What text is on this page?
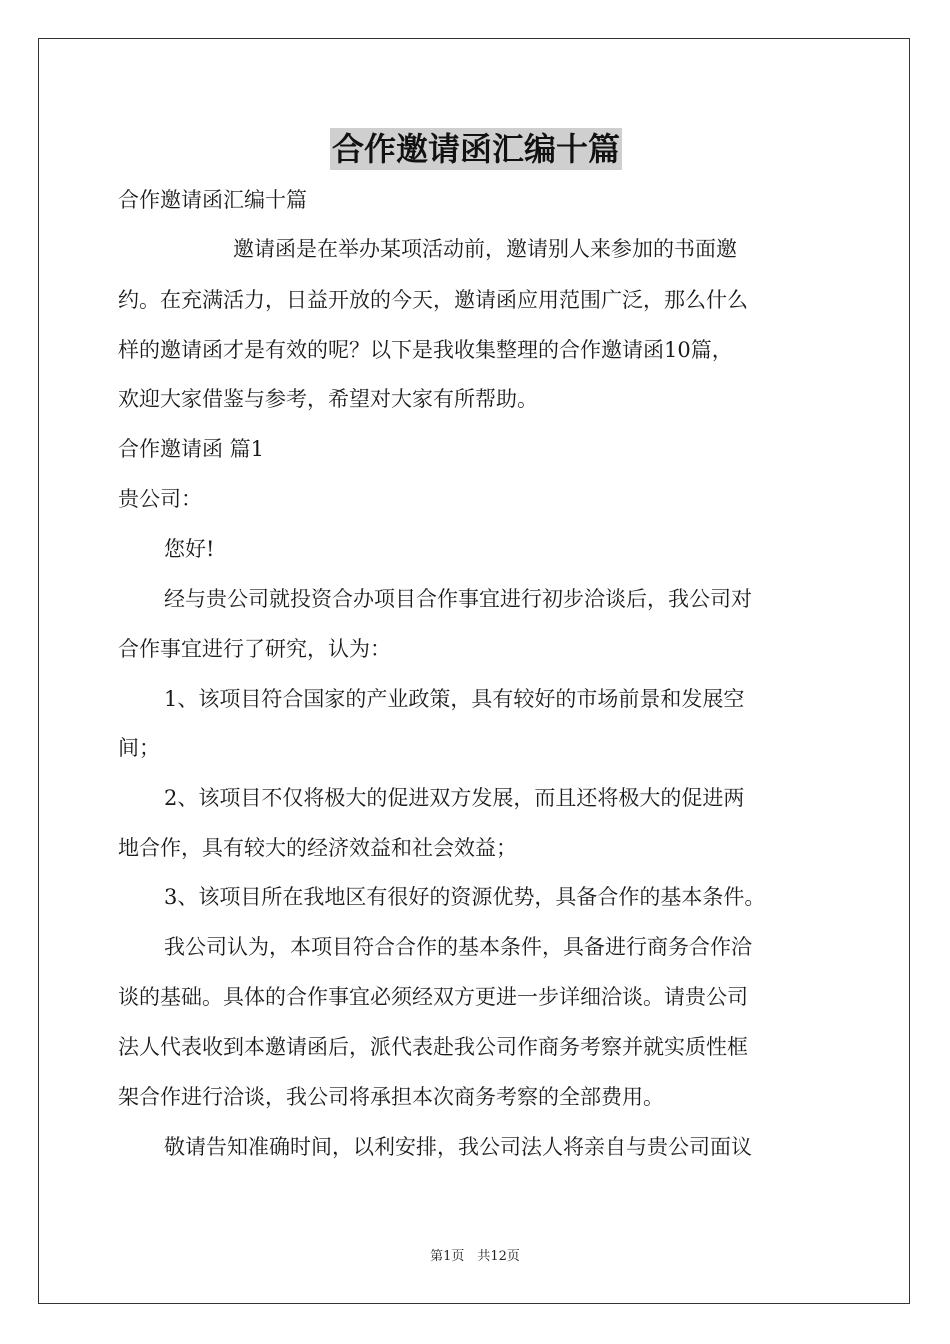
合作邀请函汇编十篇
合作邀请函汇编十篇
邀请函是在举办某项活动前，邀请别人来参加的书面邀
约。在充满活力，日益开放的今天，邀请函应用范围广泛，那么什么
样的邀请函才是有效的呢？以下是我收集整理的合作邀请函10篇，
欢迎大家借鉴与参考，希望对大家有所帮助。
合作邀请函 篇1
贵公司：
您好!
经与贵公司就投资合办项目合作事宜进行初步洽谈后，我公司对
合作事宜进行了研究，认为：
1、该项目符合国家的产业政策，具有较好的市场前景和发展空
间；
2、该项目不仅将极大的促进双方发展，而且还将极大的促进两
地合作，具有较大的经济效益和社会效益；
3、该项目所在我地区有很好的资源优势，具备合作的基本条件。
我公司认为，本项目符合合作的基本条件，具备进行商务合作洽
谈的基础。具体的合作事宜必须经双方更进一步详细洽谈。请贵公司
法人代表收到本邀请函后，派代表赴我公司作商务考察并就实质性框
架合作进行洽谈，我公司将承担本次商务考察的全部费用。
敬请告知准确时间，以利安排，我公司法人将亲自与贵公司面议
第1页　共12页
